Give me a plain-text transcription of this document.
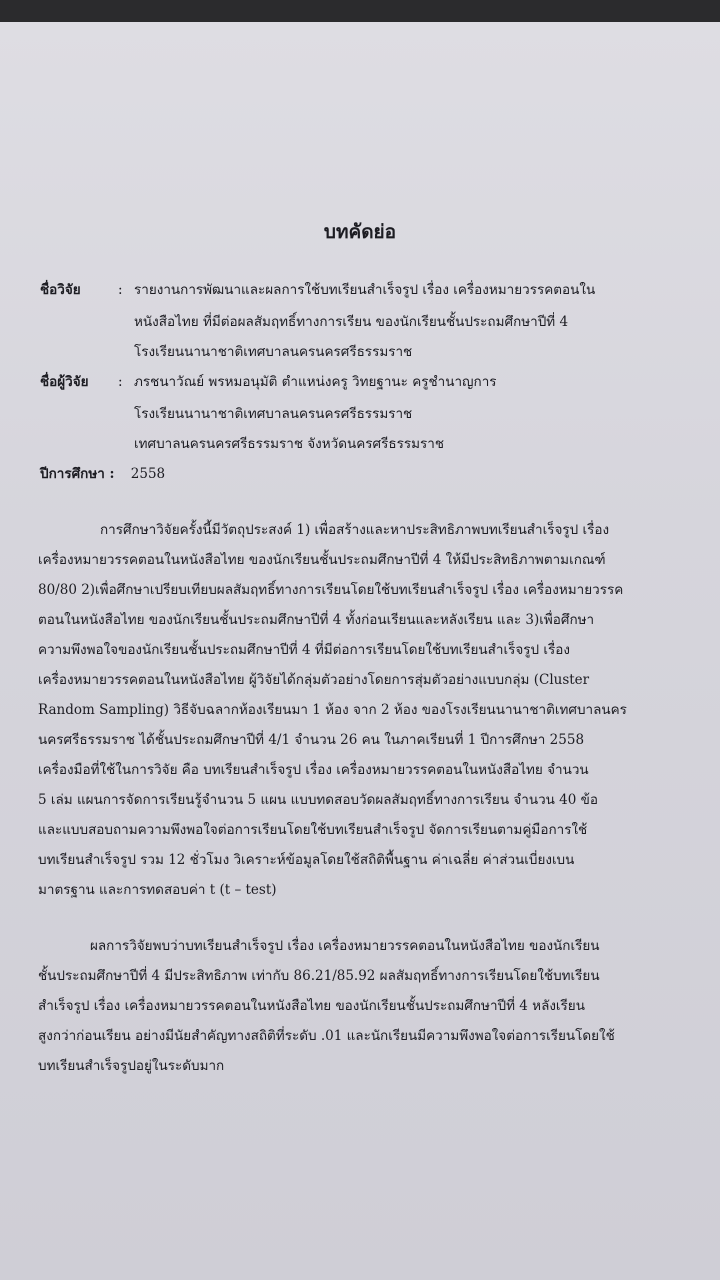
บทคัดย่อ
ชื่อวิจัย	: รายงานการพัฒนาและผลการใช้บทเรียนสำเร็จรูป เรื่อง เครื่องหมายวรรคตอนใน
หนังสือไทย ที่มีต่อผลสัมฤทธิ์ทางการเรียน ของนักเรียนชั้นประถมศึกษาปีที่ 4
โรงเรียนนานาชาติเทศบาลนครนครศรีธรรมราช
ชื่อผู้วิจัย : ภรชนาวัณย์ พรหมอนุมัติ ตำแหน่งครู วิทยฐานะ ครูชำนาญการ
โรงเรียนนานาชาติเทศบาลนครนครศรีธรรมราช
เทศบาลนครนครศรีธรรมราช จังหวัดนครศรีธรรมราช
ปีการศึกษา : 2558
การศึกษาวิจัยครั้งนี้มีวัตถุประสงค์ 1) เพื่อสร้างและหาประสิทธิภาพบทเรียนสำเร็จรูป เรื่อง
เครื่องหมายวรรคตอนในหนังสือไทย ของนักเรียนชั้นประถมศึกษาปีที่ 4 ให้มีประสิทธิภาพตามเกณฑ์
80/80 2)เพื่อศึกษาเปรียบเทียบผลสัมฤทธิ์ทางการเรียนโดยใช้บทเรียนสำเร็จรูป เรื่อง เครื่องหมายวรรค
ตอนในหนังสือไทย ของนักเรียนชั้นประถมศึกษาปีที่ 4 ทั้งก่อนเรียนและหลังเรียน และ 3)เพื่อศึกษา
ความพึงพอใจของนักเรียนชั้นประถมศึกษาปีที่ 4 ที่มีต่อการเรียนโดยใช้บทเรียนสำเร็จรูป เรื่อง
เครื่องหมายวรรคตอนในหนังสือไทย ผู้วิจัยได้กลุ่มตัวอย่างโดยการสุ่มตัวอย่างแบบกลุ่ม (Cluster
Random Sampling) วิธีจับฉลากห้องเรียนมา 1 ห้อง จาก 2 ห้อง ของโรงเรียนนานาชาติเทศบาลนคร
นครศรีธรรมราช ได้ชั้นประถมศึกษาปีที่ 4/1 จำนวน 26 คน ในภาคเรียนที่ 1 ปีการศึกษา 2558
เครื่องมือที่ใช้ในการวิจัย คือ บทเรียนสำเร็จรูป เรื่อง เครื่องหมายวรรคตอนในหนังสือไทย จำนวน
5 เล่ม แผนการจัดการเรียนรู้จำนวน 5 แผน แบบทดสอบวัดผลสัมฤทธิ์ทางการเรียน จำนวน 40 ข้อ
และแบบสอบถามความพึงพอใจต่อการเรียนโดยใช้บทเรียนสำเร็จรูป จัดการเรียนตามคู่มือการใช้
บทเรียนสำเร็จรูป รวม 12 ชั่วโมง วิเคราะห์ข้อมูลโดยใช้สถิติพื้นฐาน ค่าเฉลี่ย ค่าส่วนเบี่ยงเบน
มาตรฐาน และการทดสอบค่า t (t – test)
ผลการวิจัยพบว่าบทเรียนสำเร็จรูป เรื่อง เครื่องหมายวรรคตอนในหนังสือไทย ของนักเรียน
ชั้นประถมศึกษาปีที่ 4 มีประสิทธิภาพ เท่ากับ 86.21/85.92 ผลสัมฤทธิ์ทางการเรียนโดยใช้บทเรียน
สำเร็จรูป เรื่อง เครื่องหมายวรรคตอนในหนังสือไทย ของนักเรียนชั้นประถมศึกษาปีที่ 4 หลังเรียน
สูงกว่าก่อนเรียน อย่างมีนัยสำคัญทางสถิติที่ระดับ .01 และนักเรียนมีความพึงพอใจต่อการเรียนโดยใช้
บทเรียนสำเร็จรูปอยู่ในระดับมาก
